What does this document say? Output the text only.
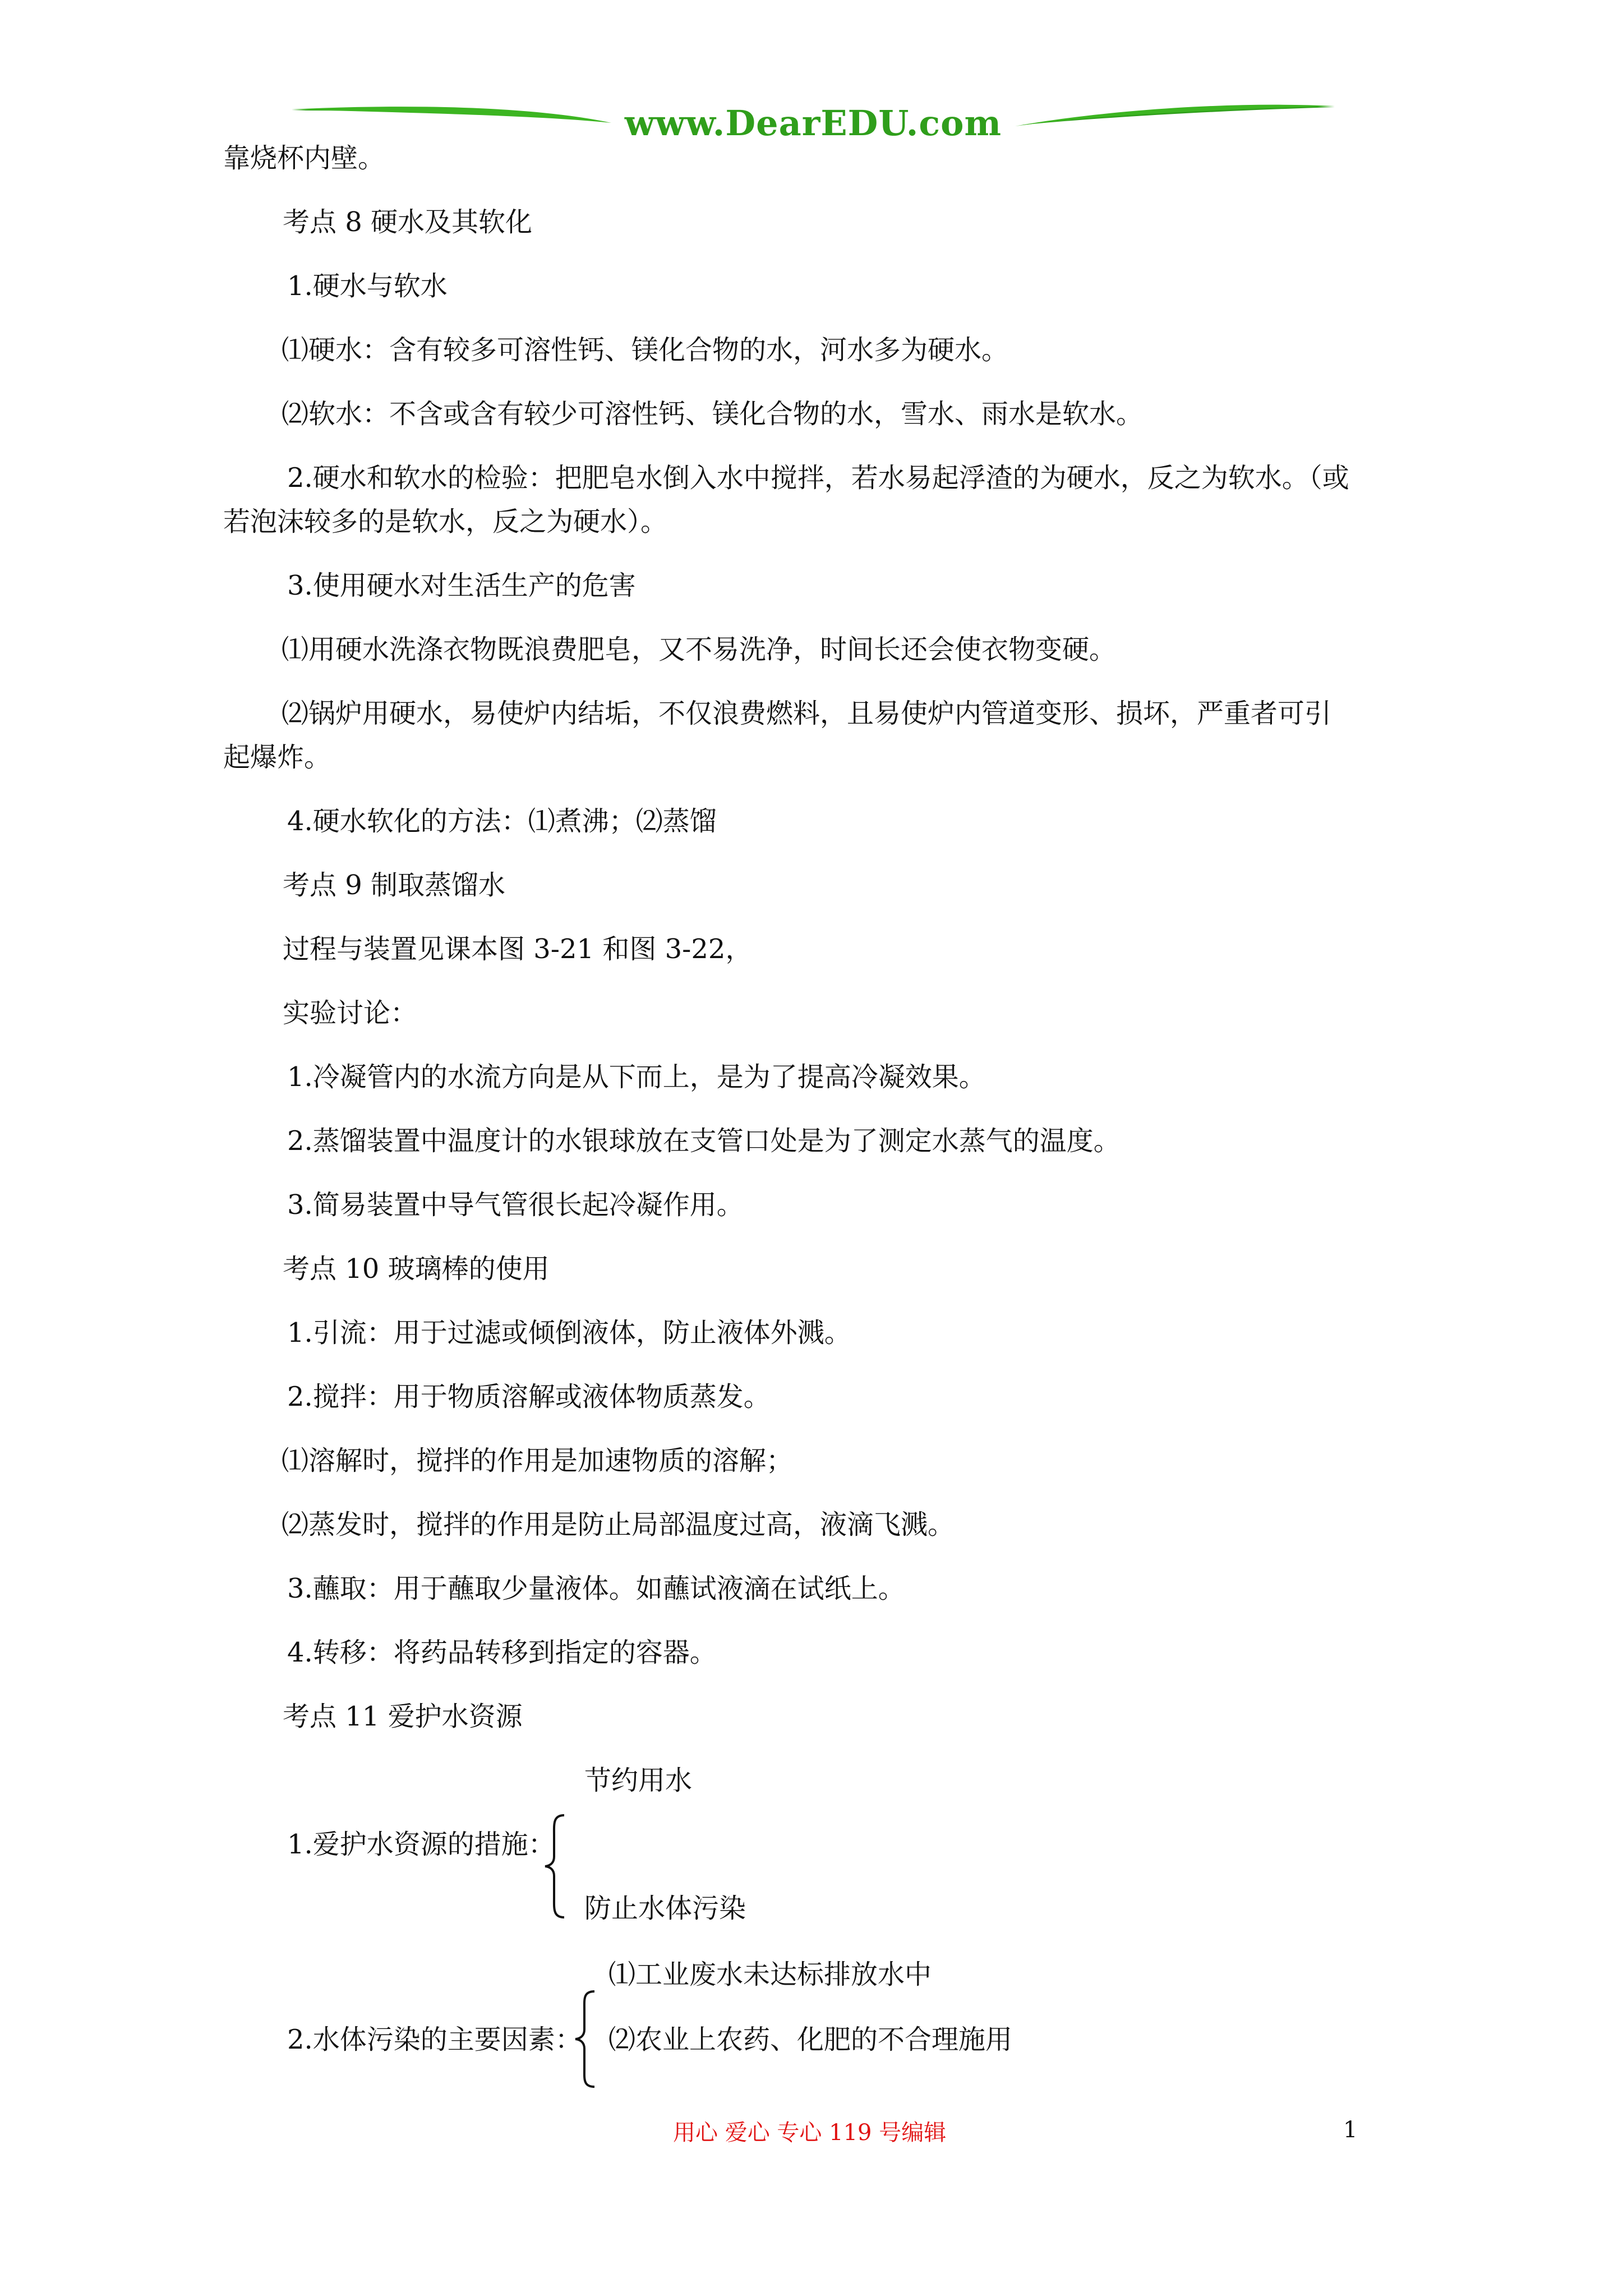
www.DearEDU.com
靠烧杯内壁。
考点 8 硬水及其软化
1.硬水与软水
⑴硬水：含有较多可溶性钙、镁化合物的水，河水多为硬水。
⑵软水：不含或含有较少可溶性钙、镁化合物的水，雪水、雨水是软水。
2.硬水和软水的检验：把肥皂水倒入水中搅拌，若水易起浮渣的为硬水，反之为软水。（或
若泡沫较多的是软水，反之为硬水）。
3.使用硬水对生活生产的危害
⑴用硬水洗涤衣物既浪费肥皂，又不易洗净，时间长还会使衣物变硬。
⑵锅炉用硬水，易使炉内结垢，不仅浪费燃料，且易使炉内管道变形、损坏，严重者可引
起爆炸。
4.硬水软化的方法：⑴煮沸；⑵蒸馏
考点 9 制取蒸馏水
过程与装置见课本图 3-21 和图 3-22，
实验讨论：
1.冷凝管内的水流方向是从下而上，是为了提高冷凝效果。
2.蒸馏装置中温度计的水银球放在支管口处是为了测定水蒸气的温度。
3.简易装置中导气管很长起冷凝作用。
考点 10 玻璃棒的使用
1.引流：用于过滤或倾倒液体，防止液体外溅。
2.搅拌：用于物质溶解或液体物质蒸发。
⑴溶解时，搅拌的作用是加速物质的溶解；
⑵蒸发时，搅拌的作用是防止局部温度过高，液滴飞溅。
3.蘸取：用于蘸取少量液体。如蘸试液滴在试纸上。
4.转移：将药品转移到指定的容器。
考点 11 爱护水资源
节约用水
1.爱护水资源的措施：
防止水体污染
⑴工业废水未达标排放水中
2.水体污染的主要因素： ⑵农业上农药、化肥的不合理施用
用心 爱心 专心 119 号编辑	1
